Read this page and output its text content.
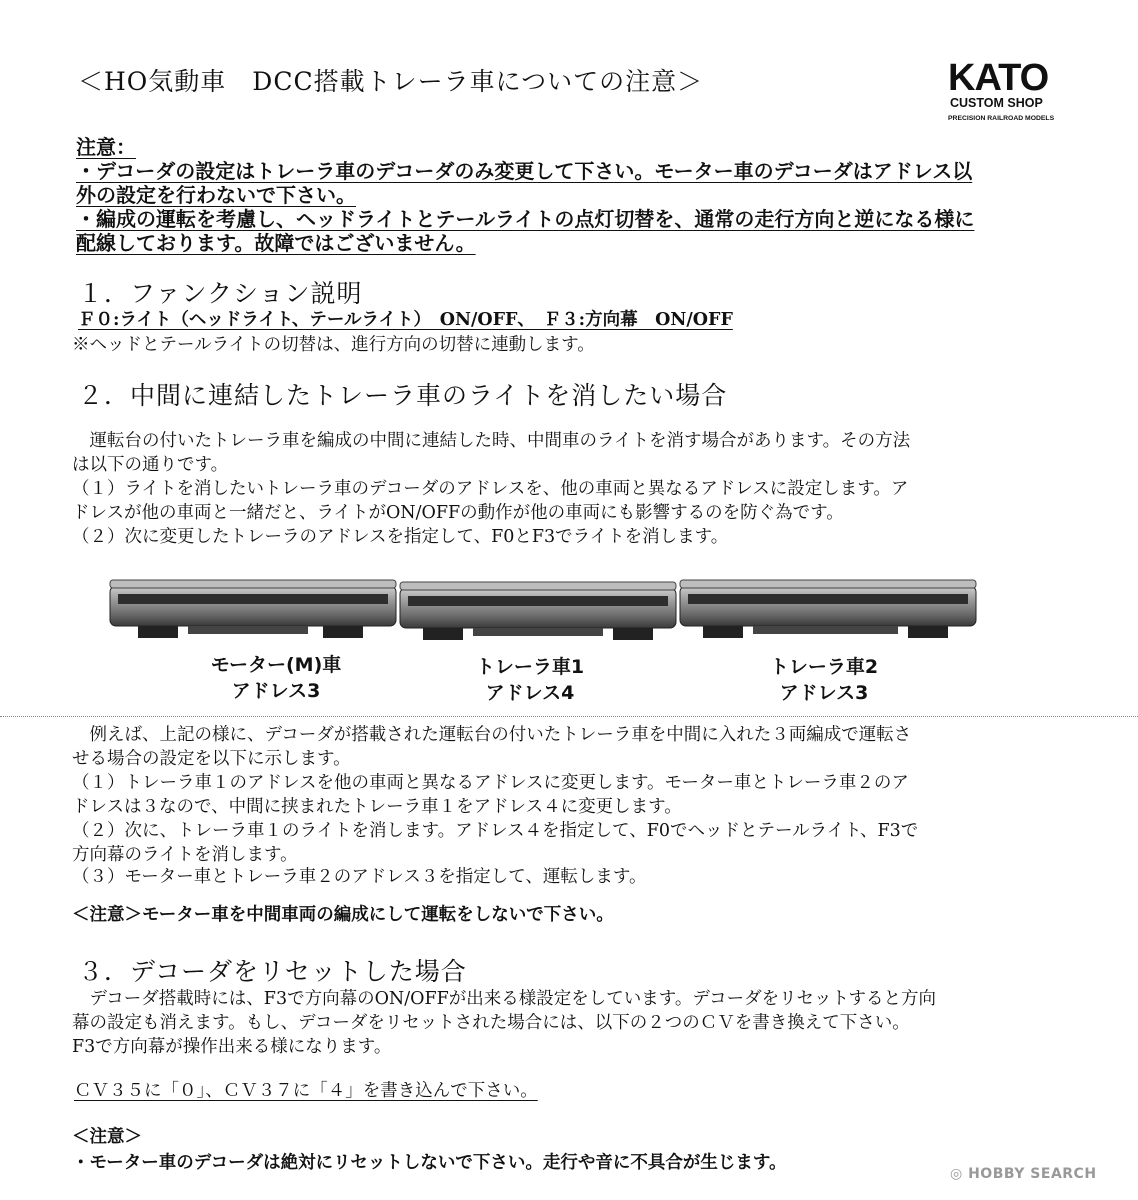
＜HO気動車　DCC搭載トレーラ車についての注意＞	KATO
CUSTOM SHOP
PRECISION RAILROAD MODELS
注意：
・デコーダの設定はトレーラ車のデコーダのみ変更して下さい。モーター車のデコーダはアドレス以
外の設定を行わないで下さい。
・編成の運転を考慮し、ヘッドライトとテールライトの点灯切替を、通常の走行方向と逆になる様に
配線しております。故障ではございません。
１．ファンクション説明
Ｆ０:ライト（ヘッドライト、テールライト）　ON/OFF、　Ｆ３:方向幕　ON/OFF
※ヘッドとテールライトの切替は、進行方向の切替に連動します。
２．中間に連結したトレーラ車のライトを消したい場合
　運転台の付いたトレーラ車を編成の中間に連結した時、中間車のライトを消す場合があります。その方法
は以下の通りです。
（１）ライトを消したいトレーラ車のデコーダのアドレスを、他の車両と異なるアドレスに設定します。ア
ドレスが他の車両と一緒だと、ライトがON/OFFの動作が他の車両にも影響するのを防ぐ為です。
（２）次に変更したトレーラのアドレスを指定して、F0とF3でライトを消します。
モーター(M)車
アドレス3
トレーラ車1
アドレス4
トレーラ車2
アドレス3
　例えば、上記の様に、デコーダが搭載された運転台の付いたトレーラ車を中間に入れた３両編成で運転さ
せる場合の設定を以下に示します。
（１）トレーラ車１のアドレスを他の車両と異なるアドレスに変更します。モーター車とトレーラ車２のア
ドレスは３なので、中間に挟まれたトレーラ車１をアドレス４に変更します。
（２）次に、トレーラ車１のライトを消します。アドレス４を指定して、F0でヘッドとテールライト、F3で
方向幕のライトを消します。
（３）モーター車とトレーラ車２のアドレス３を指定して、運転します。
＜注意＞モーター車を中間車両の編成にして運転をしないで下さい。
３．デコーダをリセットした場合
　デコーダ搭載時には、F3で方向幕のON/OFFが出来る様設定をしています。デコーダをリセットすると方向
幕の設定も消えます。もし、デコーダをリセットされた場合には、以下の２つのＣＶを書き換えて下さい。
F3で方向幕が操作出来る様になります。
ＣＶ３５に「０」、ＣＶ３７に「４」を書き込んで下さい。
＜注意＞
・モーター車のデコーダは絶対にリセットしないで下さい。走行や音に不具合が生じます。
◎ HOBBY SEARCH
